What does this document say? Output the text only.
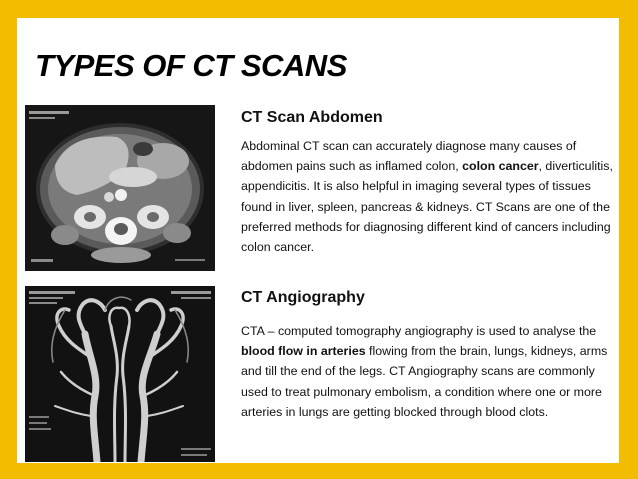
TYPES OF CT SCANS
CT Scan Abdomen

Abdominal CT scan can accurately diagnose many causes of abdomen pains such as inflamed colon, colon cancer, diverticulitis, appendicitis. It is also helpful in imaging several types of tissues found in liver, spleen, pancreas & kidneys. CT Scans are one of the preferred methods for diagnosing different kind of cancers including colon cancer.

CT Angiography

CTA – computed tomography angiography is used to analyse the blood flow in arteries flowing from the brain, lungs, kidneys, arms and till the end of the legs. CT Angiography scans are commonly used to treat pulmonary embolism, a condition where one or more arteries in lungs are getting blocked through blood clots.
